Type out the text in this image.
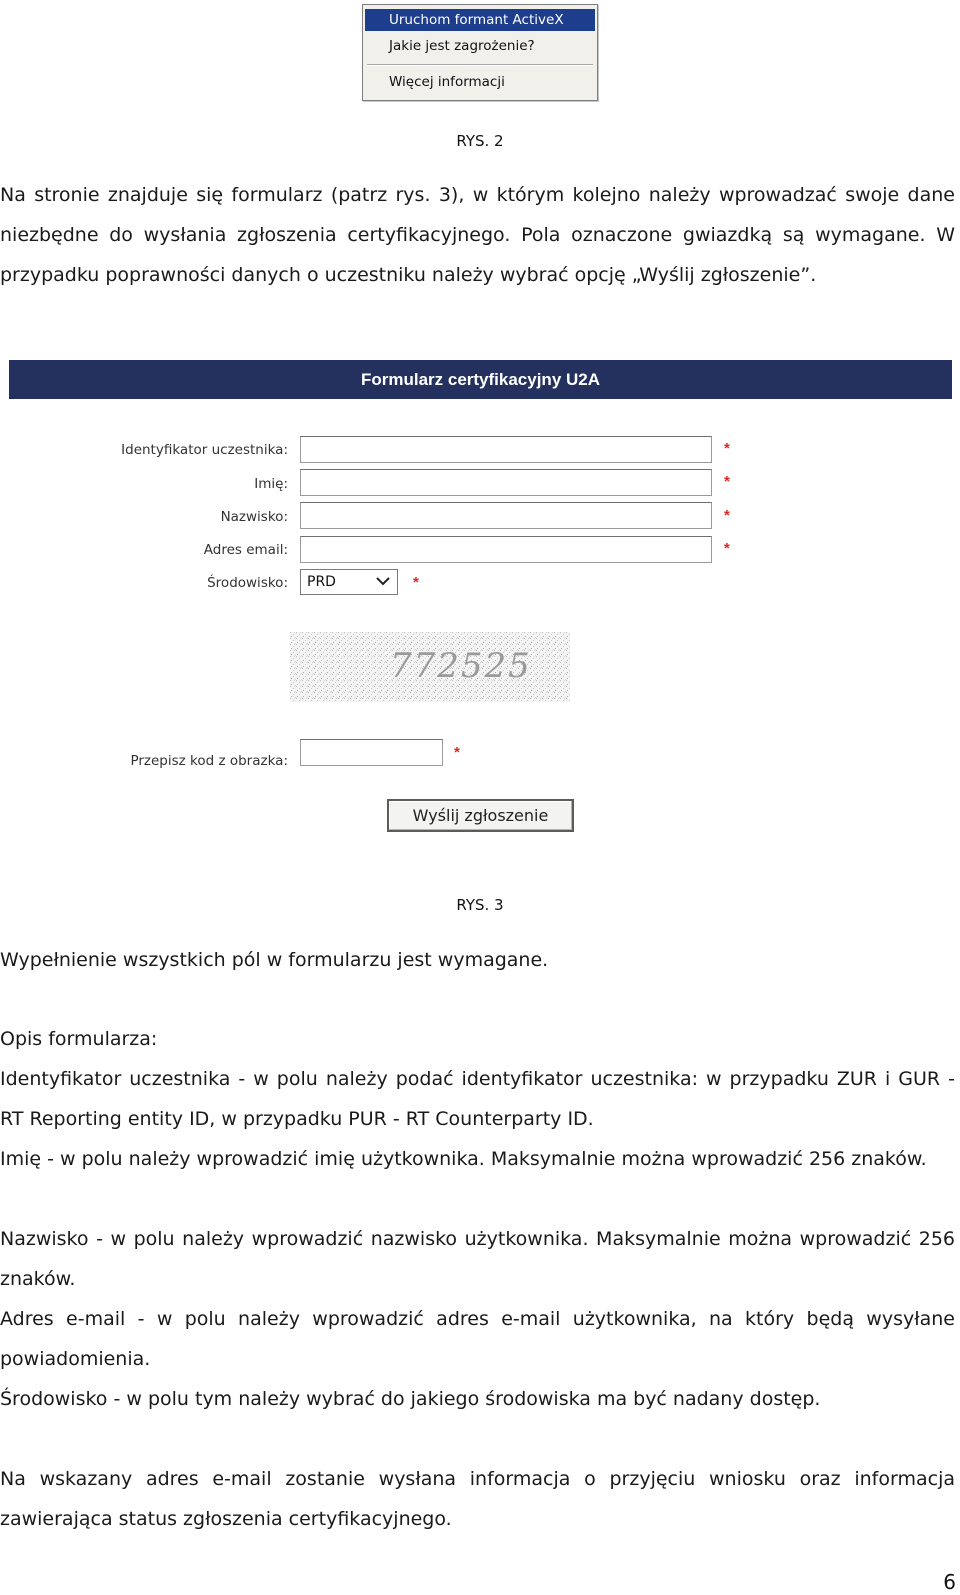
Uruchom formant ActiveX
Jakie jest zagrożenie?
Więcej informacji
RYS. 2

Na stronie znajduje się formularz (patrz rys. 3), w którym kolejno należy wprowadzać swoje dane niezbędne do wysłania zgłoszenia certyfikacyjnego. Pola oznaczone gwiazdką są wymagane. W przypadku poprawności danych o uczestniku należy wybrać opcję „Wyślij zgłoszenie”.

Formularz certyfikacyjny U2A
Identyfikator uczestnika:	*
Imię:	*
Nazwisko:	*
Adres email:	*
Środowisko: PRD	*
772525
Przepisz kod z obrazka:	*
Wyślij zgłoszenie
RYS. 3

Wypełnienie wszystkich pól w formularzu jest wymagane.

Opis formularza:

Identyfikator uczestnika - w polu należy podać identyfikator uczestnika: w przypadku ZUR i GUR - RT Reporting entity ID, w przypadku PUR - RT Counterparty ID.

Imię - w polu należy wprowadzić imię użytkownika. Maksymalnie można wprowadzić 256 znaków.

Nazwisko - w polu należy wprowadzić nazwisko użytkownika. Maksymalnie można wprowadzić 256 znaków.

Adres e-mail - w polu należy wprowadzić adres e-mail użytkownika, na który będą wysyłane powiadomienia.

Środowisko - w polu tym należy wybrać do jakiego środowiska ma być nadany dostęp.

Na wskazany adres e-mail zostanie wysłana informacja o przyjęciu wniosku oraz informacja zawierająca status zgłoszenia certyfikacyjnego.

6
